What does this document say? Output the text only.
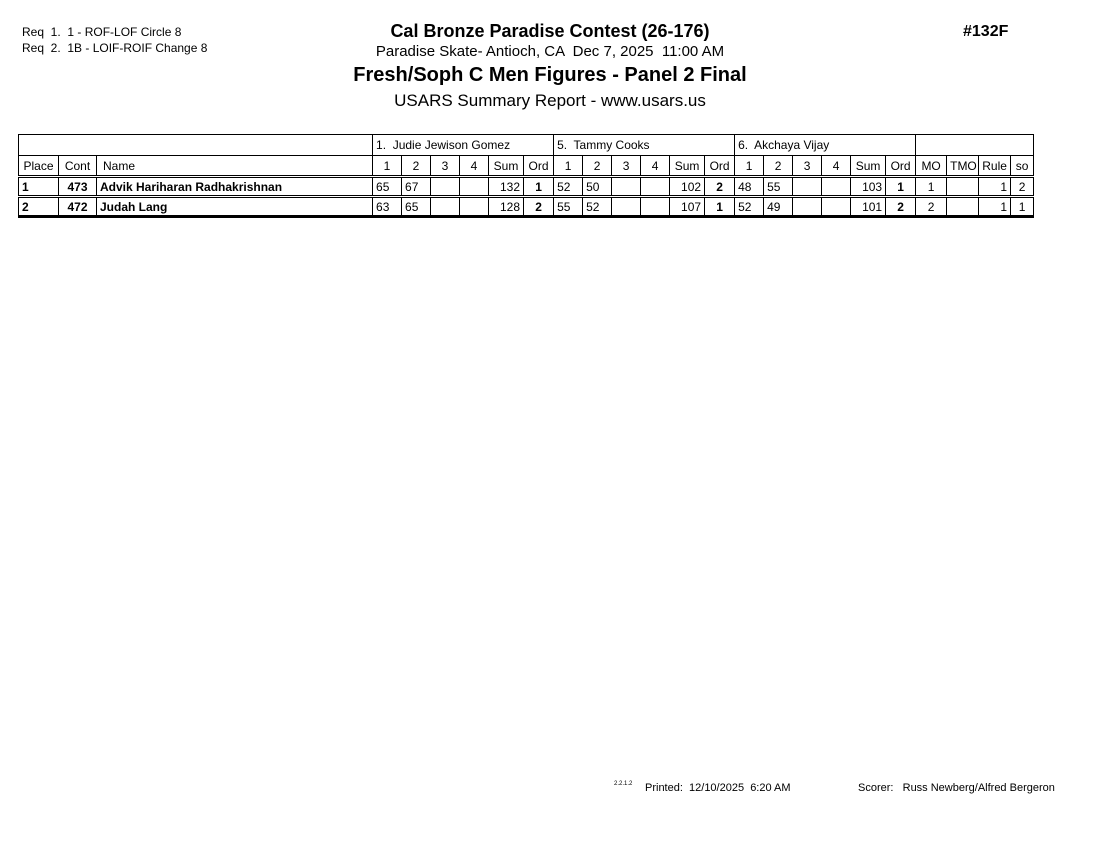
Req  1.  1 - ROF-LOF Circle 8
Req  2.  1B - LOIF-ROIF Change 8
Cal Bronze Paradise Contest (26-176)
Paradise Skate- Antioch, CA  Dec 7, 2025  11:00 AM
Fresh/Soph C Men Figures - Panel 2 Final
USARS Summary Report - www.usars.us
#132F
			1.  Judie Jewison Gomez						5.  Tammy Cooks						6.  Akchaya Vijay									
Place	Cont	Name	1	2	3	4	Sum	Ord	1	2	3	4	Sum	Ord	1	2	3	4	Sum	Ord	MO	TMO	Rule	so
1	473	Advik Hariharan Radhakrishnan	65	67			132	1	52	50			102	2	48	55			103	1	1		1	2
2	472	Judah Lang	63	65			128	2	55	52			107	1	52	49			101	2	2		1	1
2.2.1.2 Printed:  12/10/2025  6:20 AM	Scorer:   Russ Newberg/Alfred Bergeron
